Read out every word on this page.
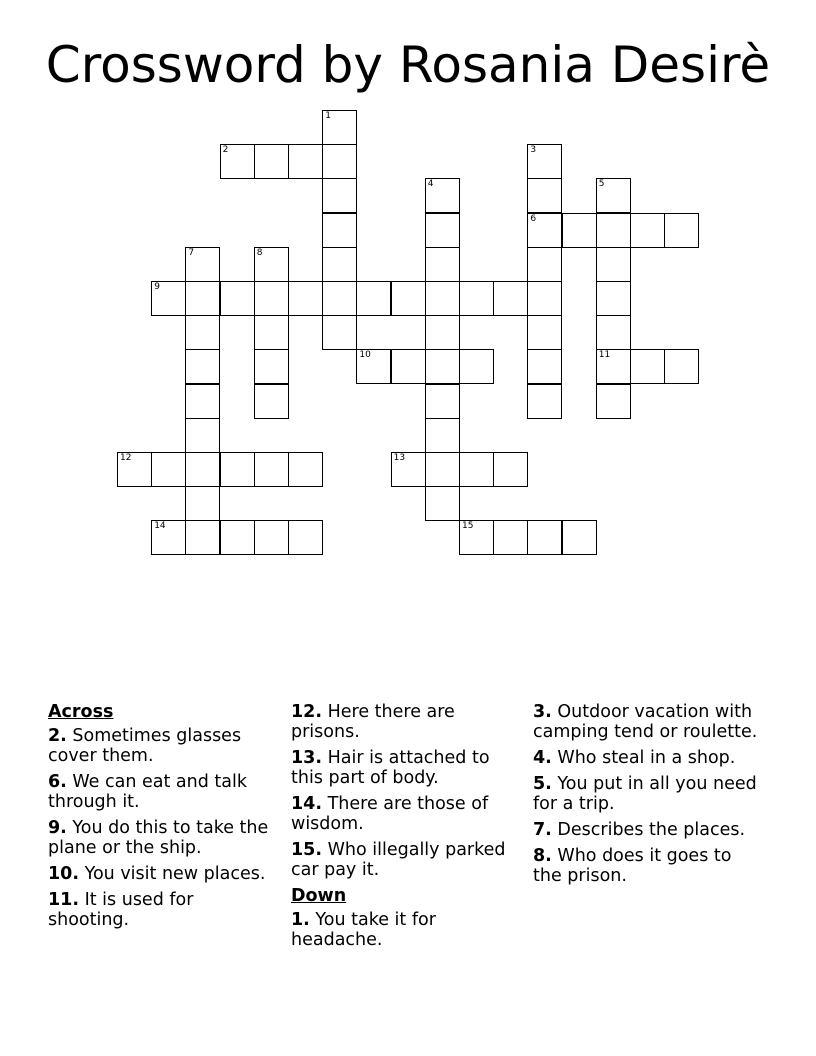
Crossword by Rosania Desirè
1
2	3
6
4	5
11
7	8
9
10
12	13
14	15
Across
2. Sometimes glasses cover them.
6. We can eat and talk through it.
9. You do this to take the plane or the ship.
10. You visit new places.
11. It is used for shooting.
12. Here there are prisons.
13. Hair is attached to this part of body.
14. There are those of wisdom.
15. Who illegally parked car pay it.
Down
1. You take it for headache.
3. Outdoor vacation with camping tend or roulette.
4. Who steal in a shop.
5. You put in all you need for a trip.
7. Describes the places.
8. Who does it goes to the prison.
